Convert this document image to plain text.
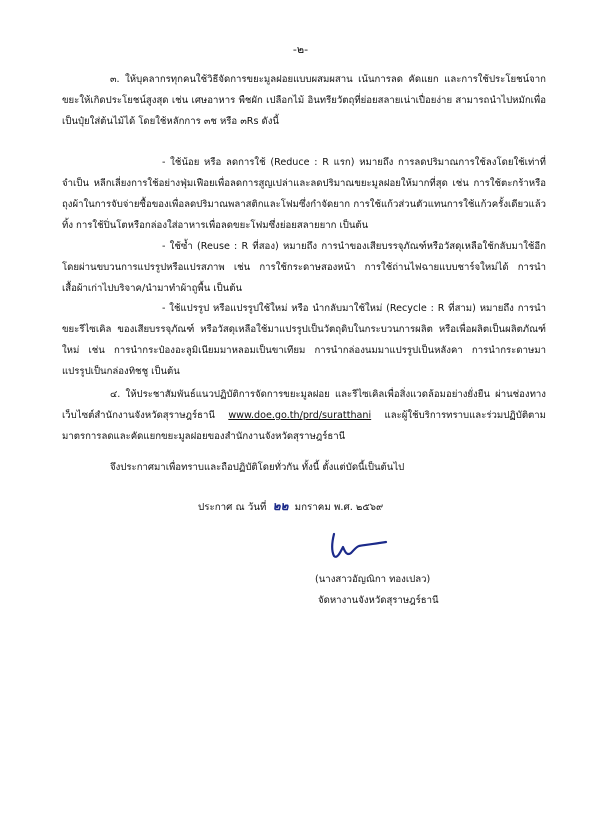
-๒-

๓. ให้บุคลากรทุกคนใช้วิธีจัดการขยะมูลฝอยแบบผสมผสาน เน้นการลด คัดแยก และการใช้ประโยชน์จากขยะให้เกิดประโยชน์สูงสุด เช่น เศษอาหาร พืชผัก เปลือกไม้ อินทรียวัตถุที่ย่อยสลายเน่าเปื่อยง่าย สามารถนำไปหมักเพื่อเป็นปุ๋ยใส่ต้นไม้ได้ โดยใช้หลักการ ๓ช หรือ ๓Rs ดังนี้

- ใช้น้อย หรือ ลดการใช้ (Reduce : R แรก) หมายถึง การลดปริมาณการใช้ลงโดยใช้เท่าที่จำเป็น หลีกเลี่ยงการใช้อย่างฟุ่มเฟือยเพื่อลดการสูญเปล่าและลดปริมาณขยะมูลฝอยให้มากที่สุด เช่น การใช้ตะกร้าหรือถุงผ้าในการจับจ่ายซื้อของเพื่อลดปริมาณพลาสติกและโฟมซึ่งกำจัดยาก การใช้แก้วส่วนตัวแทนการใช้แก้วครั้งเดียวแล้วทิ้ง การใช้ปิ่นโตหรือกล่องใส่อาหารเพื่อลดขยะโฟมซึ่งย่อยสลายยาก เป็นต้น

- ใช้ซ้ำ (Reuse : R ที่สอง) หมายถึง การนำของเสียบรรจุภัณฑ์หรือวัสดุเหลือใช้กลับมาใช้อีกโดยผ่านขบวนการแปรรูปหรือแปรสภาพ เช่น การใช้กระดาษสองหน้า การใช้ถ่านไฟฉายแบบชาร์จใหม่ได้ การนำเสื้อผ้าเก่าไปบริจาค/นำมาทำผ้าถูพื้น เป็นต้น

- ใช้แปรรูป หรือแปรรูปใช้ใหม่ หรือ นำกลับมาใช้ใหม่ (Recycle : R ที่สาม) หมายถึง การนำขยะรีไซเคิล ของเสียบรรจุภัณฑ์ หรือวัสดุเหลือใช้มาแปรรูปเป็นวัตถุดิบในกระบวนการผลิต หรือเพื่อผลิตเป็นผลิตภัณฑ์ใหม่ เช่น การนำกระป๋องอะลูมิเนียมมาหลอมเป็นขาเทียม การนำกล่องนมมาแปรรูปเป็นหลังคา การนำกระดาษมาแปรรูปเป็นกล่องทิชชู เป็นต้น

๔. ให้ประชาสัมพันธ์แนวปฏิบัติการจัดการขยะมูลฝอย และรีไซเคิลเพื่อสิ่งแวดล้อมอย่างยั่งยืน ผ่านช่องทางเว็บไซต์สำนักงานจังหวัดสุราษฎร์ธานี www.doe.go.th/prd/suratthani และผู้ใช้บริการทราบและร่วมปฏิบัติตามมาตรการลดและคัดแยกขยะมูลฝอยของสำนักงานจังหวัดสุราษฎร์ธานี

จึงประกาศมาเพื่อทราบและถือปฏิบัติโดยทั่วกัน ทั้งนี้ ตั้งแต่บัดนี้เป็นต้นไป

ประกาศ ณ วันที่ ๒๒ มกราคม พ.ศ. ๒๕๖๙
(นางสาวอัญณิกา ทองเปลว)
จัดหางานจังหวัดสุราษฎร์ธานี
